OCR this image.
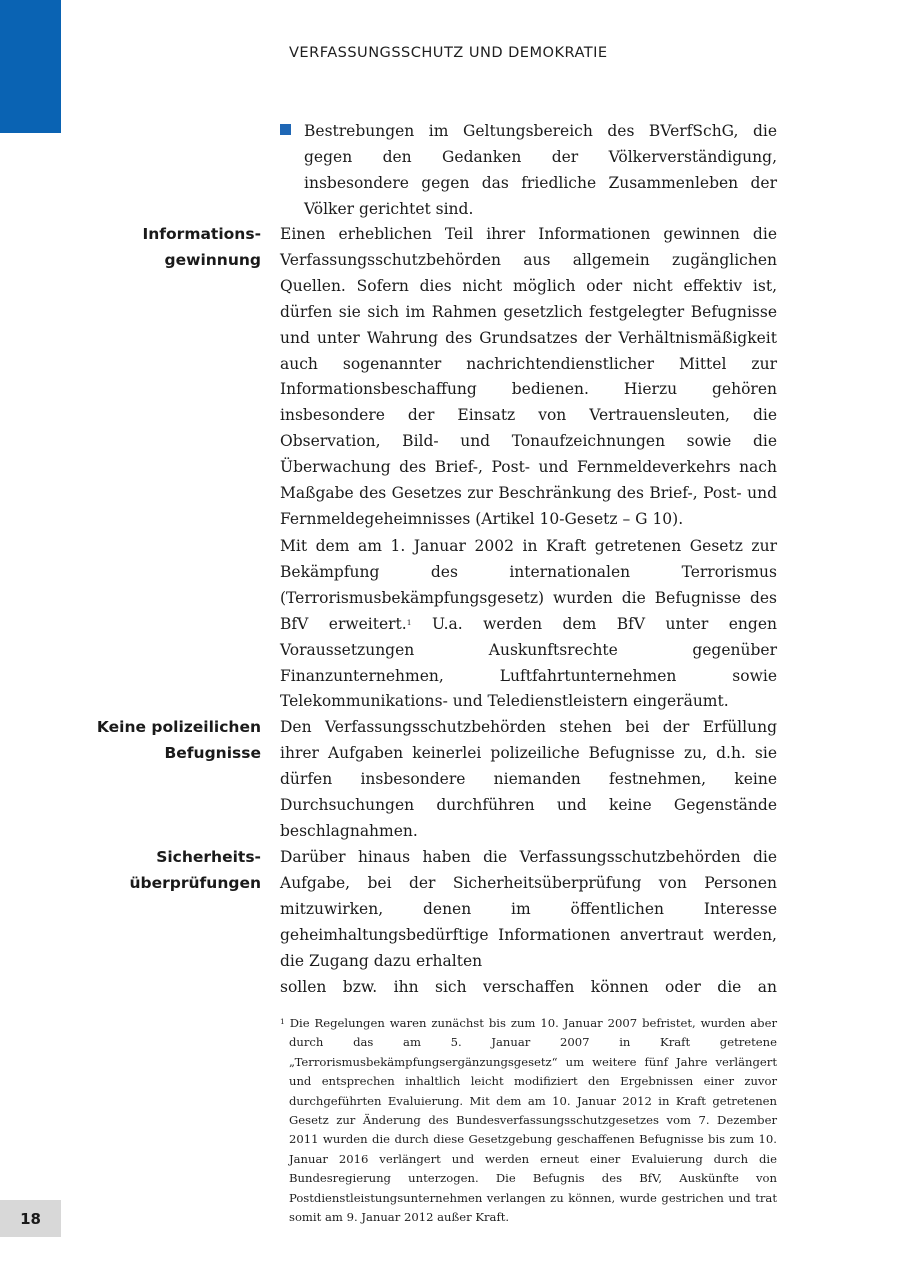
VERFASSUNGSSCHUTZ UND DEMOKRATIE

Bestrebungen im Geltungsbereich des BVerfSchG, die gegen den Gedanken der Völkerverständigung, insbesondere gegen das friedliche Zusammenleben der Völker gerichtet sind.

Informations-
gewinnung

Einen erheblichen Teil ihrer Informationen gewinnen die Verfassungsschutzbehörden aus allgemein zugänglichen Quellen. Sofern dies nicht möglich oder nicht effektiv ist, dürfen sie sich im Rahmen gesetzlich festgelegter Befugnisse und unter Wahrung des Grundsatzes der Verhältnismäßigkeit auch sogenannter nachrichtendienstlicher Mittel zur Informationsbeschaffung bedienen. Hierzu gehören insbesondere der Einsatz von Vertrauensleuten, die Observation, Bild- und Tonaufzeichnungen sowie die Überwachung des Brief-, Post- und Fernmeldeverkehrs nach Maßgabe des Gesetzes zur Beschränkung des Brief-, Post- und Fernmeldegeheimnisses (Artikel 10-Gesetz – G 10).

Mit dem am 1. Januar 2002 in Kraft getretenen Gesetz zur Bekämpfung des internationalen Terrorismus (Terrorismusbekämpfungsgesetz) wurden die Befugnisse des BfV erweitert.$^1$ U.a. werden dem BfV unter engen Voraussetzungen Auskunftsrechte gegenüber Finanzunternehmen, Luftfahrtunternehmen sowie Telekommunikations- und Teledienstleistern eingeräumt.

Keine polizeilichen
Befugnisse

Den Verfassungsschutzbehörden stehen bei der Erfüllung ihrer Aufgaben keinerlei polizeiliche Befugnisse zu, d.h. sie dürfen insbesondere niemanden festnehmen, keine Durchsuchungen durchführen und keine Gegenstände beschlagnahmen.

Sicherheits-
überprüfungen

Darüber hinaus haben die Verfassungsschutzbehörden die Aufgabe, bei der Sicherheitsüberprüfung von Personen mitzuwirken, denen im öffentlichen Interesse geheimhaltungsbedürftige Informationen anvertraut werden, die Zugang dazu erhalten
sollen bzw. ihn sich verschaffen können oder die an

$^1$ Die Regelungen waren zunächst bis zum 10. Januar 2007 befristet, wurden aber durch das am 5. Januar 2007 in Kraft getretene „Terrorismusbekämpfungsergänzungsgesetz“ um weitere fünf Jahre verlängert und entsprechen inhaltlich leicht modifiziert den Ergebnissen einer zuvor durchgeführten Evaluierung. Mit dem am 10. Januar 2012 in Kraft getretenen Gesetz zur Änderung des Bundesverfassungsschutzgesetzes vom 7. Dezember 2011 wurden die durch diese Gesetzgebung geschaffenen Befugnisse bis zum 10. Januar 2016 verlängert und werden erneut einer Evaluierung durch die Bundesregierung unterzogen. Die Befugnis des BfV, Auskünfte von Postdienstleistungsunternehmen verlangen zu können, wurde gestrichen und trat somit am 9. Januar 2012 außer Kraft.

18
